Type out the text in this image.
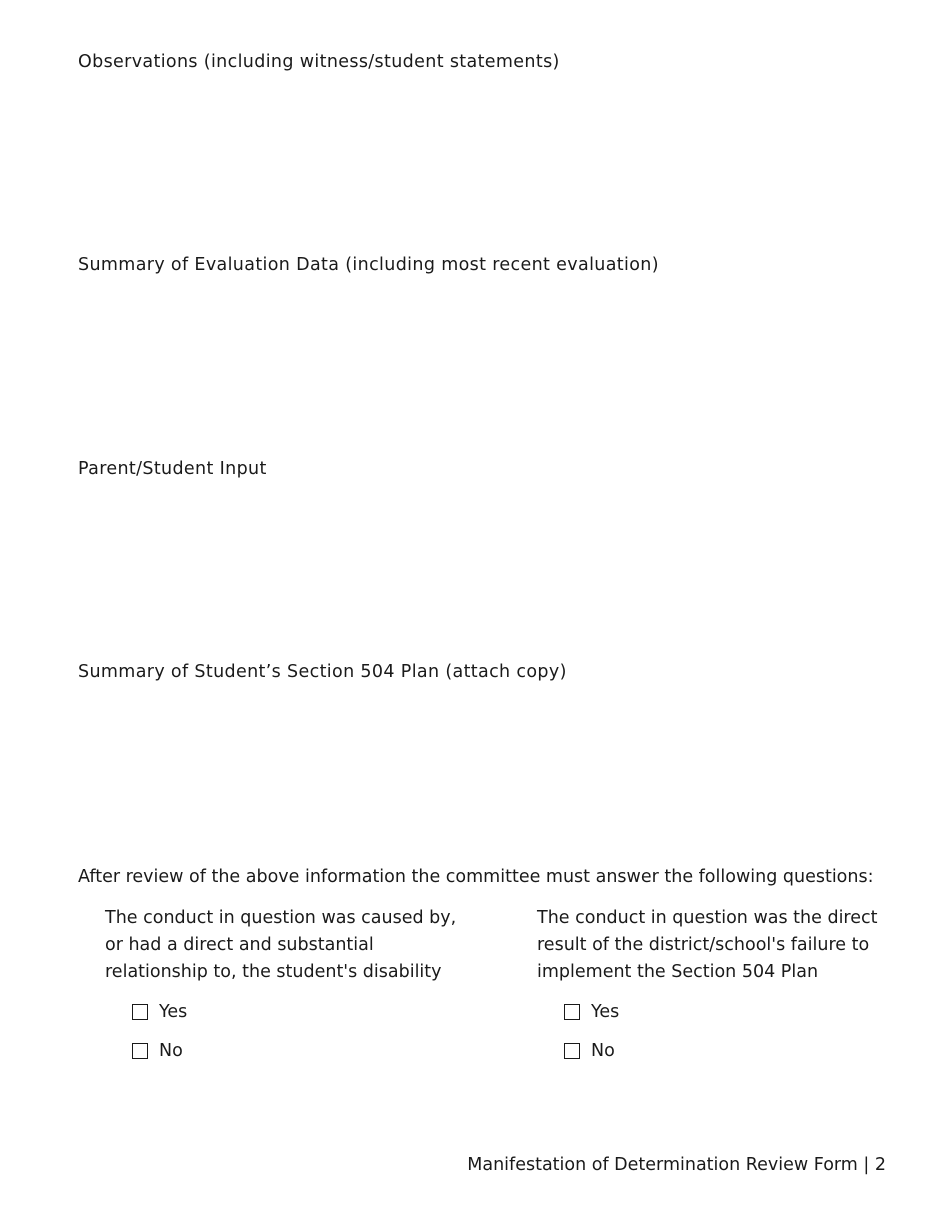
Observations (including witness/student statements)
Summary of Evaluation Data (including most recent evaluation)
Parent/Student Input
Summary of Student’s Section 504 Plan (attach copy)

After review of the above information the committee must answer the following questions:

The conduct in question was caused by, or had a direct and substantial relationship to, the student's disability

Yes
No

The conduct in question was the direct result of the district/school's failure to implement the Section 504 Plan

Yes
No
Manifestation of Determination Review Form | 2
